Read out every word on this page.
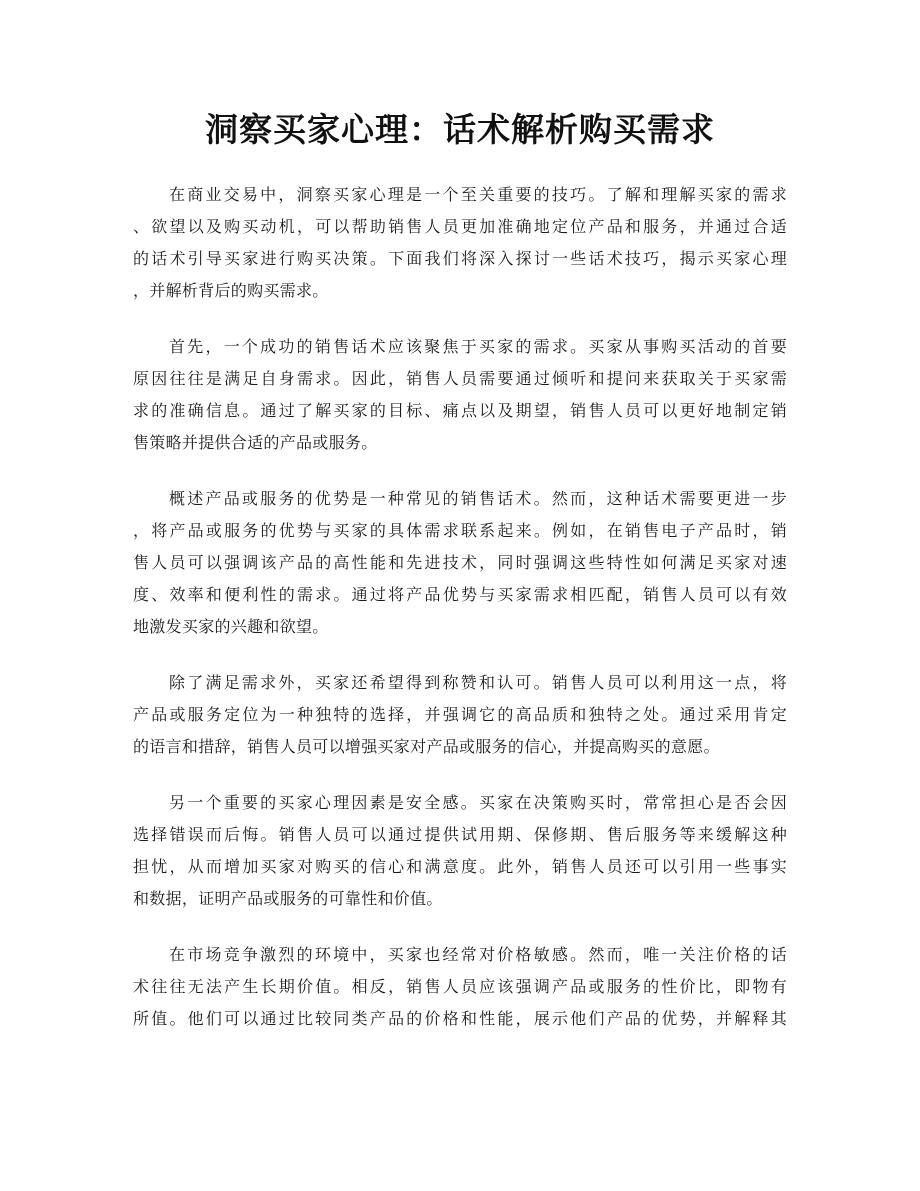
洞察买家心理：话术解析购买需求

在商业交易中，洞察买家心理是一个至关重要的技巧。了解和理解买家的需求
、欲望以及购买动机，可以帮助销售人员更加准确地定位产品和服务，并通过合适
的话术引导买家进行购买决策。下面我们将深入探讨一些话术技巧，揭示买家心理
，并解析背后的购买需求。

首先，一个成功的销售话术应该聚焦于买家的需求。买家从事购买活动的首要
原因往往是满足自身需求。因此，销售人员需要通过倾听和提问来获取关于买家需
求的准确信息。通过了解买家的目标、痛点以及期望，销售人员可以更好地制定销
售策略并提供合适的产品或服务。

概述产品或服务的优势是一种常见的销售话术。然而，这种话术需要更进一步
，将产品或服务的优势与买家的具体需求联系起来。例如，在销售电子产品时，销
售人员可以强调该产品的高性能和先进技术，同时强调这些特性如何满足买家对速
度、效率和便利性的需求。通过将产品优势与买家需求相匹配，销售人员可以有效
地激发买家的兴趣和欲望。

除了满足需求外，买家还希望得到称赞和认可。销售人员可以利用这一点，将
产品或服务定位为一种独特的选择，并强调它的高品质和独特之处。通过采用肯定
的语言和措辞，销售人员可以增强买家对产品或服务的信心，并提高购买的意愿。

另一个重要的买家心理因素是安全感。买家在决策购买时，常常担心是否会因
选择错误而后悔。销售人员可以通过提供试用期、保修期、售后服务等来缓解这种
担忧，从而增加买家对购买的信心和满意度。此外，销售人员还可以引用一些事实
和数据，证明产品或服务的可靠性和价值。

在市场竞争激烈的环境中，买家也经常对价格敏感。然而，唯一关注价格的话
术往往无法产生长期价值。相反，销售人员应该强调产品或服务的性价比，即物有
所值。他们可以通过比较同类产品的价格和性能，展示他们产品的优势，并解释其
